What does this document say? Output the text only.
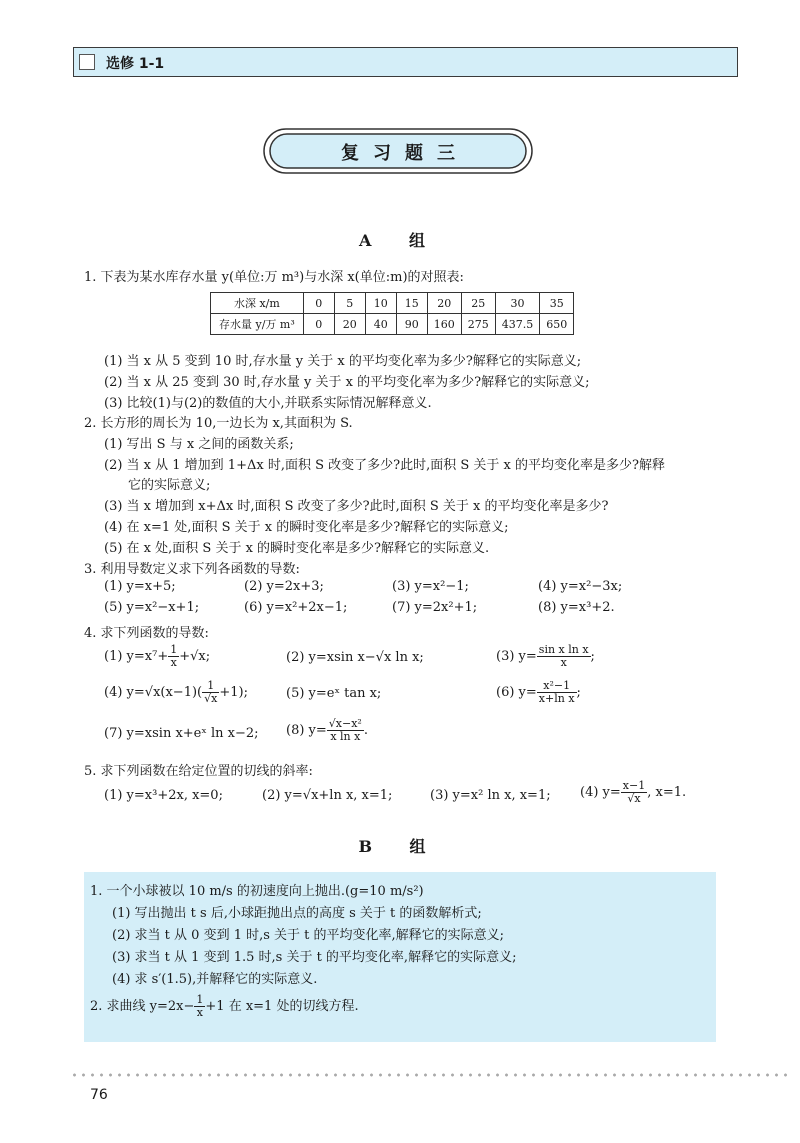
选修 1-1
复习题三
A 组
1. 下表为某水库存水量 y(单位:万 m³)与水深 x(单位:m)的对照表:
水深 x/m	0	5	10	15	20	25	30	35
存水量 y/万 m³	0	20	40	90	160	275	437.5	650
(1) 当 x 从 5 变到 10 时,存水量 y 关于 x 的平均变化率为多少?解释它的实际意义;
(2) 当 x 从 25 变到 30 时,存水量 y 关于 x 的平均变化率为多少?解释它的实际意义;
(3) 比较(1)与(2)的数值的大小,并联系实际情况解释意义.
2. 长方形的周长为 10,一边长为 x,其面积为 S.
(1) 写出 S 与 x 之间的函数关系;
(2) 当 x 从 1 增加到 1+Δx 时,面积 S 改变了多少?此时,面积 S 关于 x 的平均变化率是多少?解释
它的实际意义;
(3) 当 x 增加到 x+Δx 时,面积 S 改变了多少?此时,面积 S 关于 x 的平均变化率是多少?
(4) 在 x=1 处,面积 S 关于 x 的瞬时变化率是多少?解释它的实际意义;
(5) 在 x 处,面积 S 关于 x 的瞬时变化率是多少?解释它的实际意义.
3. 利用导数定义求下列各函数的导数:
(1) y=x+5;	(2) y=2x+3;	(3) y=x²−1;	(4) y=x²−3x;
(5) y=x²−x+1;	(6) y=x²+2x−1;	(7) y=2x²+1;	(8) y=x³+2.
4. 求下列函数的导数:
(1) $y=x^7+ \frac{1}{x} +√x$;	(2) y=xsin x−√x ln x;	(3) $y= \frac{\text{sin x ln x}}{x}$ ;
(4) $y=√x(x-1)( \frac{1}{√x} +1)$;	(5) y=eˣ tan x;	(6) $y= \frac{\text{x²−1}}{\text{x+ln x}}$ ;
(7) y=xsin x+eˣ ln x−2; (8) $y= \frac{\text{√x−x²}}{\text{x ln x}}$ .
5. 求下列函数在给定位置的切线的斜率:
(1) y=x³+2x, x=0;	(2) y=√x+ln x, x=1;	(3) y=x² ln x, x=1; (4) $y= \frac{x-1}{√x}$ , x=1.
B 组
1. 一个小球被以 10 m/s 的初速度向上抛出.(g=10 m/s²)
(1) 写出抛出 t s 后,小球距抛出点的高度 s 关于 t 的函数解析式;
(2) 求当 t 从 0 变到 1 时,s 关于 t 的平均变化率,解释它的实际意义;
(3) 求当 t 从 1 变到 1.5 时,s 关于 t 的平均变化率,解释它的实际意义;
(4) 求 s′(1.5),并解释它的实际意义.
2. 求曲线 $y=2x- \frac{1}{x} +1$ 在 x=1 处的切线方程.
76
